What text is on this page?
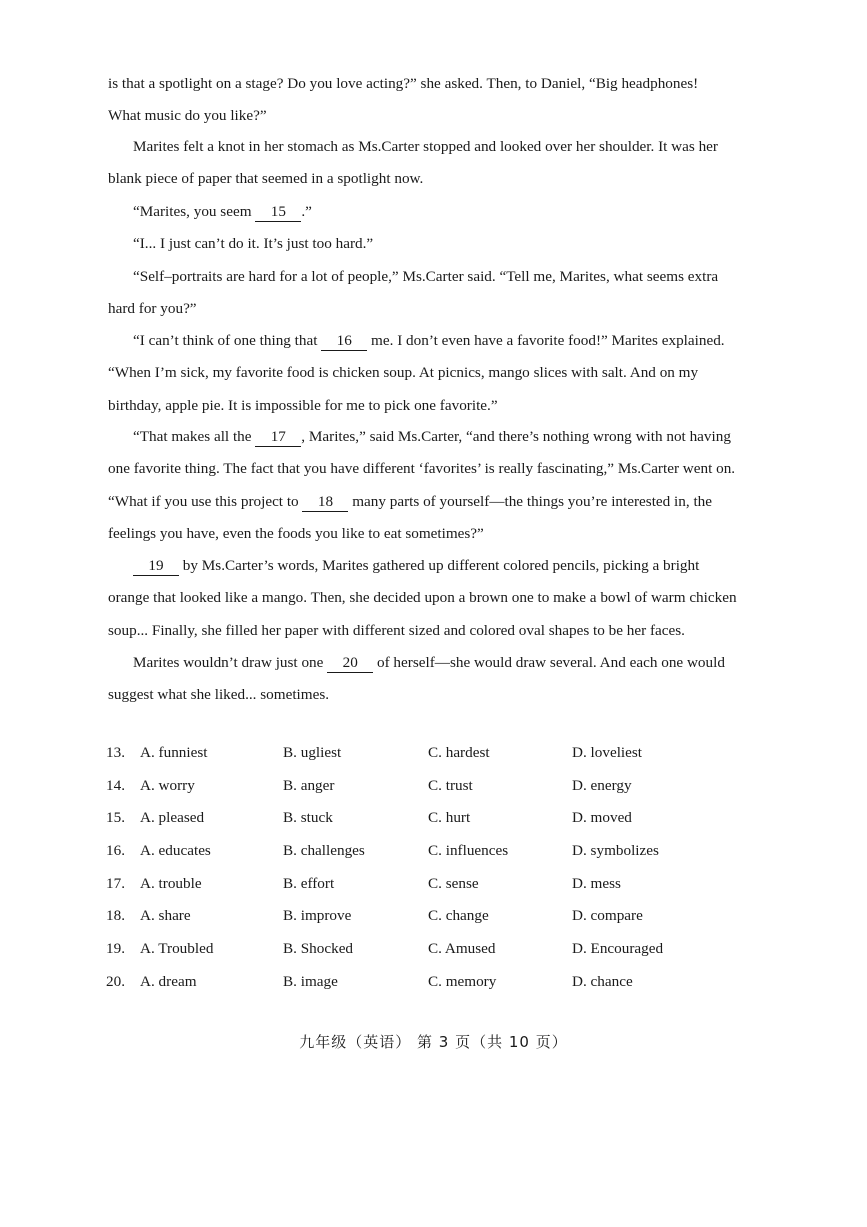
is that a spotlight on a stage? Do you love acting?” she asked. Then, to Daniel, “Big headphones!
What music do you like?”

Marites felt a knot in her stomach as Ms.Carter stopped and looked over her shoulder. It was her blank piece of paper that seemed in a spotlight now.

“Marites, you seem 15 .”

“I... I just can’t do it. It’s just too hard.”

“Self–portraits are hard for a lot of people,” Ms.Carter said. “Tell me, Marites, what seems extra hard for you?”

“I can’t think of one thing that 16 me. I don’t even have a favorite food!” Marites explained. “When I’m sick, my favorite food is chicken soup. At picnics, mango slices with salt. And on my birthday, apple pie. It is impossible for me to pick one favorite.”

“That makes all the 17 , Marites,” said Ms.Carter, “and there’s nothing wrong with not having one favorite thing. The fact that you have different ‘favorites’ is really fascinating,” Ms.Carter went on. “What if you use this project to 18 many parts of yourself—the things you’re interested in, the feelings you have, even the foods you like to eat sometimes?”

19 by Ms.Carter’s words, Marites gathered up different colored pencils, picking a bright orange that looked like a mango. Then, she decided upon a brown one to make a bowl of warm chicken soup... Finally, she filled her paper with different sized and colored oval shapes to be her faces.

Marites wouldn’t draw just one 20 of herself—she would draw several. And each one would suggest what she liked... sometimes.

13. A. funniest	B. ugliest	C. hardest	D. loveliest
14. A. worry	B. anger	C. trust	D. energy
15. A. pleased	B. stuck	C. hurt	D. moved
16. A. educates	B. challenges	C. influences	D. symbolizes
17. A. trouble	B. effort	C. sense	D. mess
18. A. share	B. improve	C. change	D. compare
19. A. Troubled	B. Shocked	C. Amused	D. Encouraged
20. A. dream	B. image	C. memory	D. chance
九年级（英语） 第 3 页（共 10 页）
